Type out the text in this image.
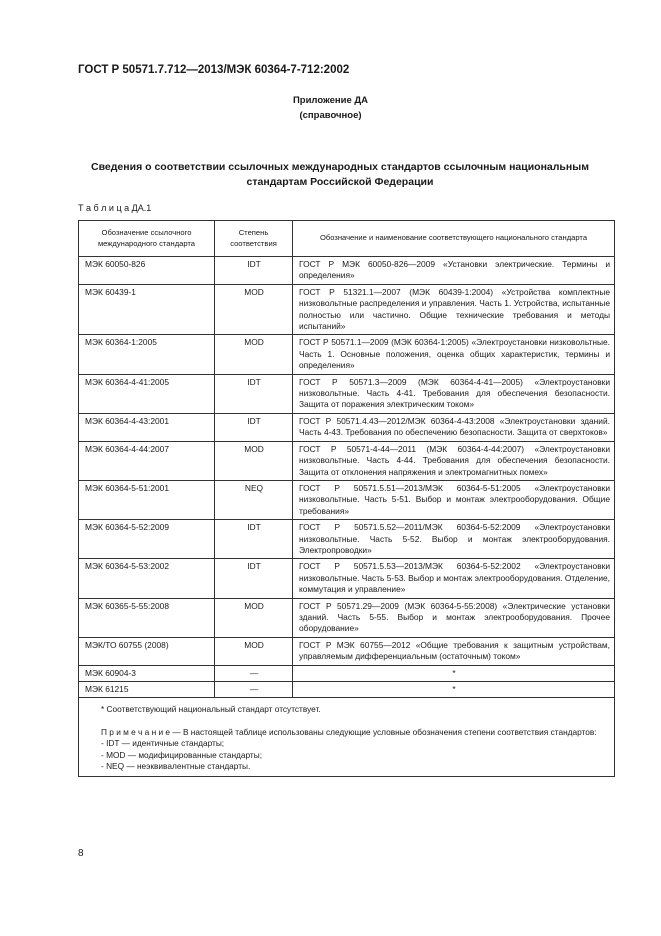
ГОСТ Р 50571.7.712—2013/МЭК 60364-7-712:2002
Приложение ДА
(справочное)
Сведения о соответствии ссылочных международных стандартов ссылочным национальным
стандартам Российской Федерации
Т а б л и ц а ДА.1
Обозначение ссылочного международного стандарта	Степень соответствия	Обозначение и наименование соответствующего национального стандарта
МЭК 60050-826	IDT	ГОСТ Р МЭК 60050-826—2009 «Установки электрические. Термины и определения»
МЭК 60439-1	MOD	ГОСТ Р 51321.1—2007 (МЭК 60439-1:2004) «Устройства комплектные низковольтные распределения и управления. Часть 1. Устройства, испытанные полностью или частично. Общие технические требования и методы испытаний»
МЭК 60364-1:2005	MOD	ГОСТ Р 50571.1—2009 (МЭК 60364-1:2005) «Электроустановки низковольтные. Часть 1. Основные положения, оценка общих характеристик, термины и определения»
МЭК 60364-4-41:2005	IDT	ГОСТ Р 50571.3—2009 (МЭК 60364-4-41—2005) «Электроустановки низковольтные. Часть 4-41. Требования для обеспечения безопасности. Защита от поражения электрическим током»
МЭК 60364-4-43:2001	IDT	ГОСТ Р 50571.4.43—2012/МЭК 60364-4-43:2008 «Электроустановки зданий. Часть 4-43. Требования по обеспечению безопасности. Защита от сверхтоков»
МЭК 60364-4-44:2007	MOD	ГОСТ Р 50571-4-44—2011 (МЭК 60364-4-44:2007) «Электроустановки низковольтные. Часть 4-44. Требования для обеспечения безопасности. Защита от отклонения напряжения и электромагнитных помех»
МЭК 60364-5-51:2001	NEQ	ГОСТ Р 50571.5.51—2013/МЭК 60364-5-51:2005 «Электроустановки низковольтные. Часть 5-51. Выбор и монтаж электрооборудования. Общие требования»
МЭК 60364-5-52:2009	IDT	ГОСТ Р 50571.5.52—2011/МЭК 60364-5-52:2009 «Электроустановки низковольтные. Часть 5-52. Выбор и монтаж электрооборудования. Электропроводки»
МЭК 60364-5-53:2002	IDT	ГОСТ Р 50571.5.53—2013/МЭК 60364-5-52:2002 «Электроустановки низковольтные. Часть 5-53. Выбор и монтаж электрооборудования. Отделение, коммутация и управление»
МЭК 60365-5-55:2008	MOD	ГОСТ Р 50571.29—2009 (МЭК 60364-5-55:2008) «Электрические установки зданий. Часть 5-55. Выбор и монтаж электрооборудования. Прочее оборудование»
МЭК/ТО 60755 (2008)	MOD	ГОСТ Р МЭК 60755—2012 «Общие требования к защитным устройствам, управляемым дифференциальным (остаточным) током»
МЭК 60904-3	—	*
МЭК 61215	—	*

* Соответствующий национальный стандарт отсутствует.

П р и м е ч а н и е — В настоящей таблице использованы следующие условные обозначения степени соответствия стандартов:

- IDT — идентичные стандарты;

- MOD — модифицированные стандарты;

- NEQ — неэквивалентные стандарты.		

8
